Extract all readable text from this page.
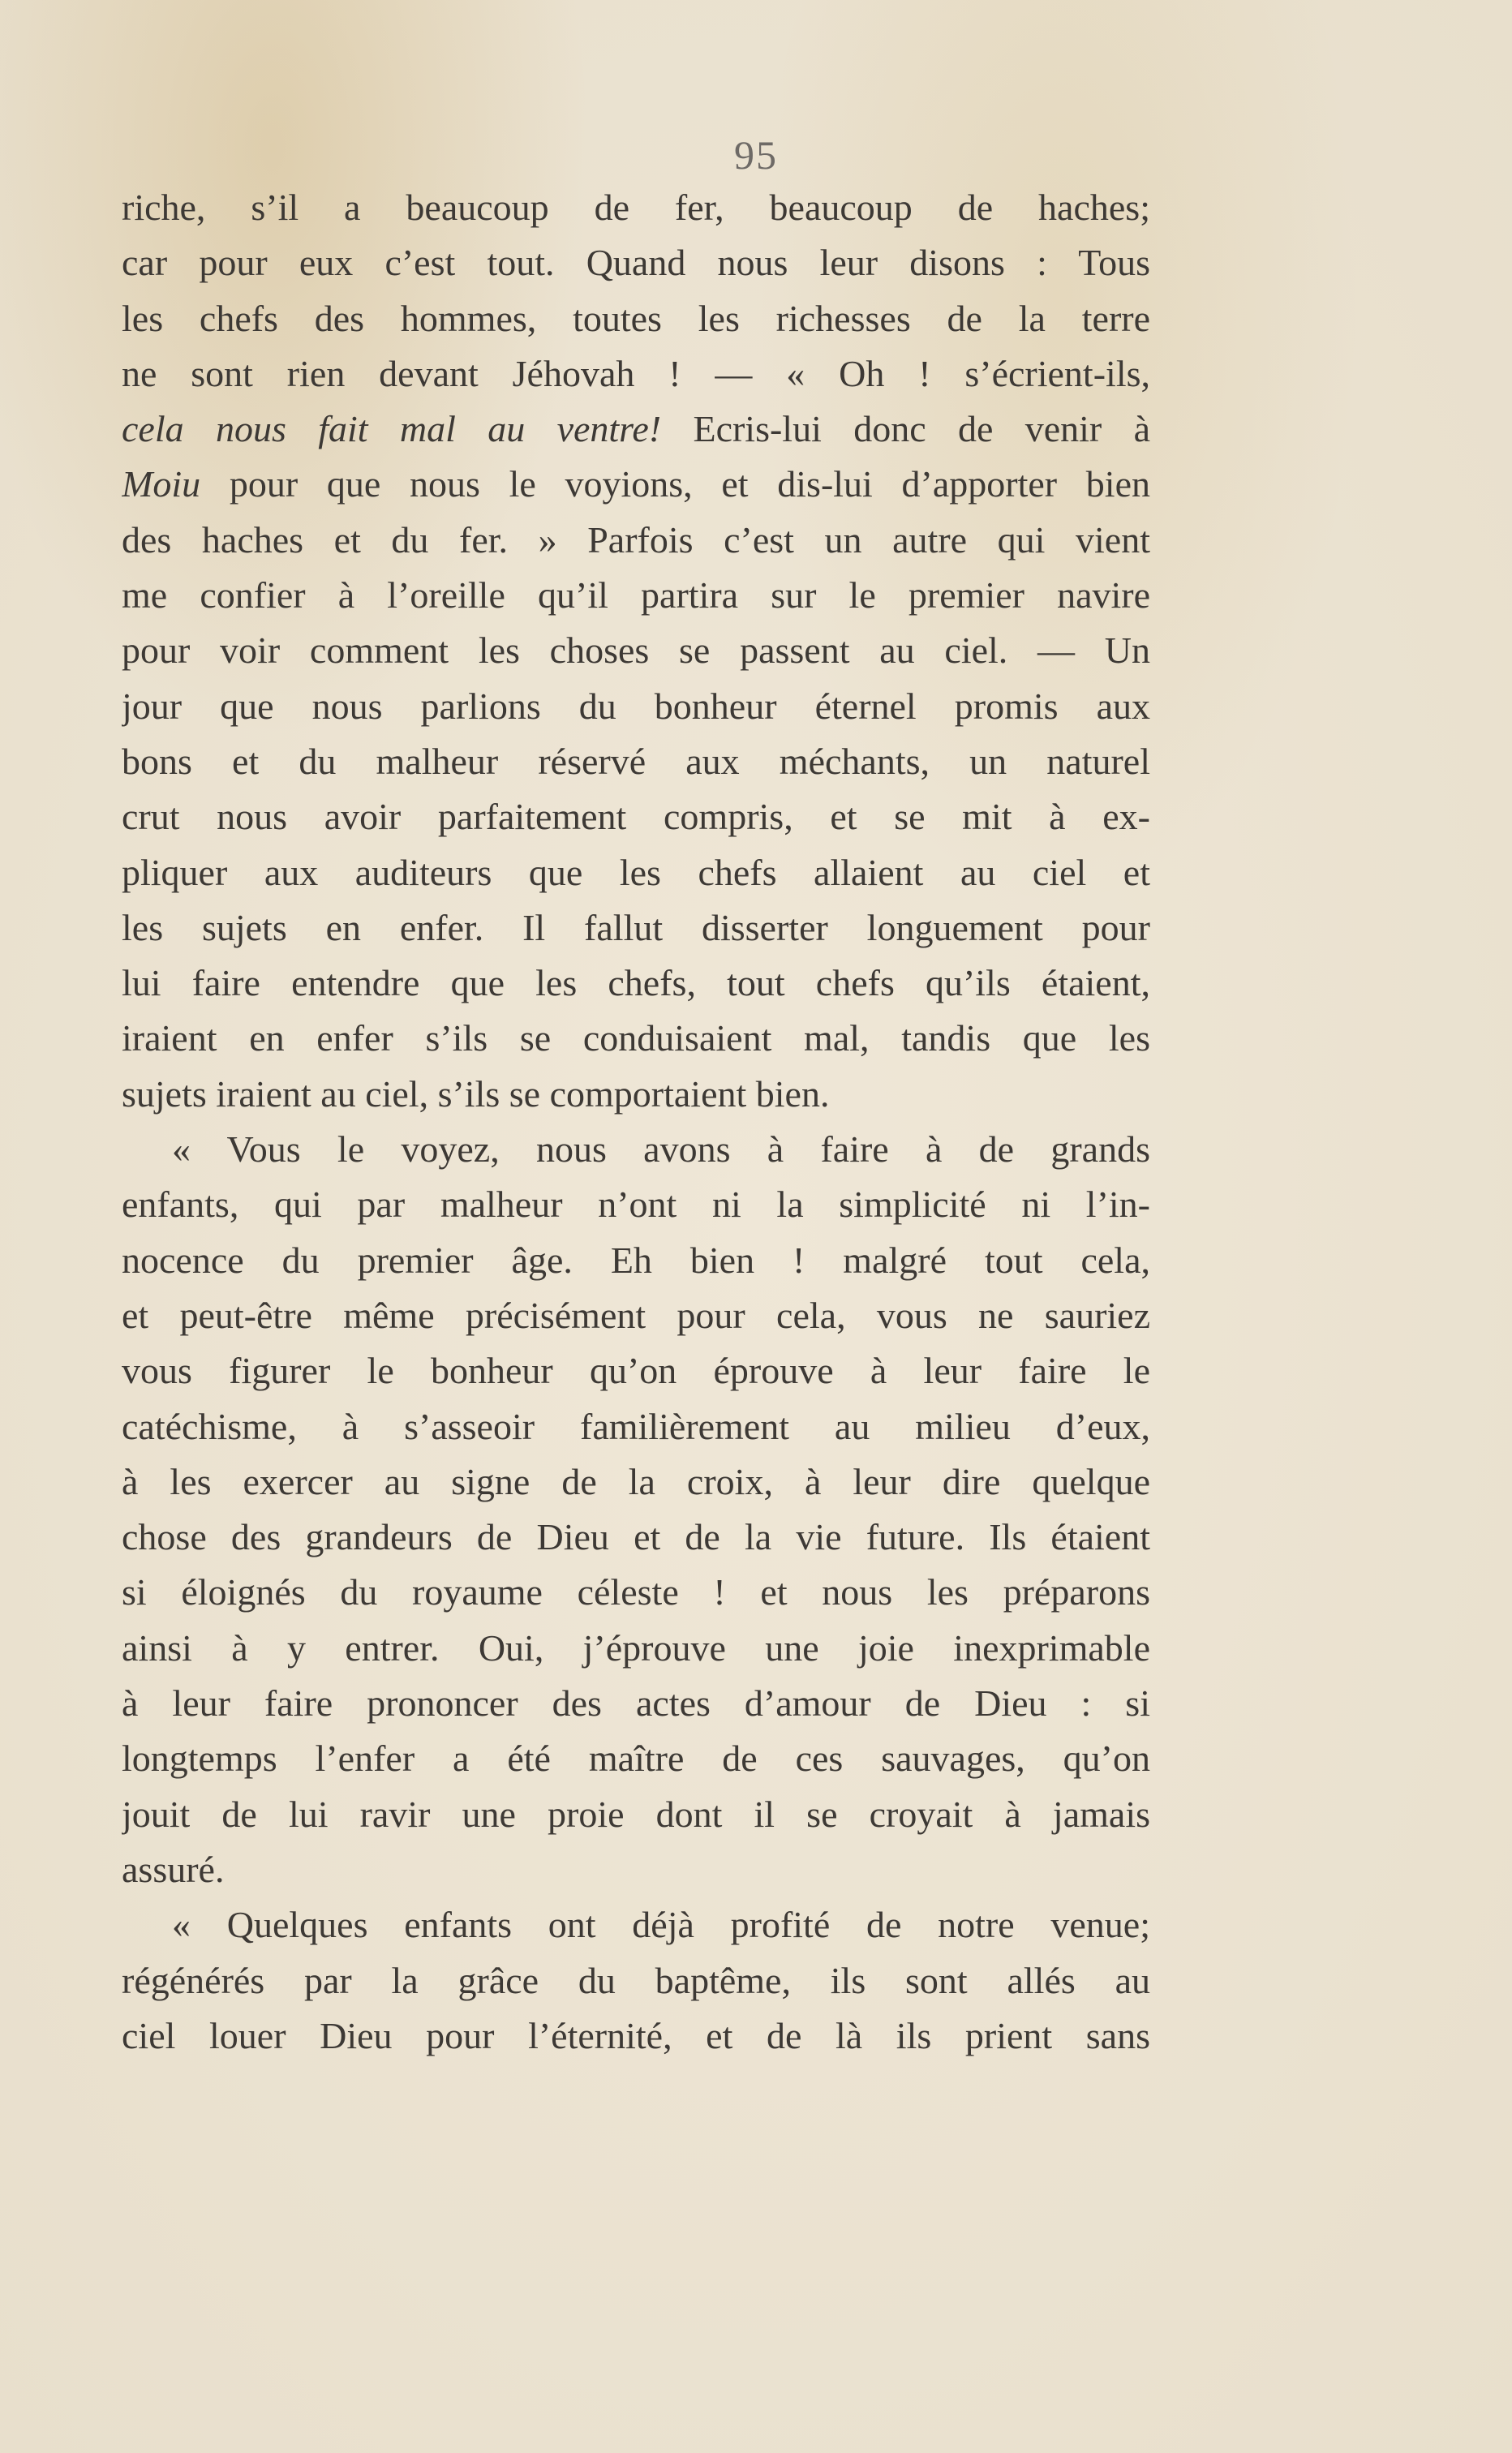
95
riche, s’il a beaucoup de fer, beaucoup de haches;
car pour eux c’est tout. Quand nous leur disons : Tous
les chefs des hommes, toutes les richesses de la terre
ne sont rien devant Jéhovah ! — « Oh ! s’écrient-ils,
cela nous fait mal au ventre! Ecris-lui donc de venir à
Moiu pour que nous le voyions, et dis-lui d’apporter bien
des haches et du fer. » Parfois c’est un autre qui vient
me confier à l’oreille qu’il partira sur le premier navire
pour voir comment les choses se passent au ciel. — Un
jour que nous parlions du bonheur éternel promis aux
bons et du malheur réservé aux méchants, un naturel
crut nous avoir parfaitement compris, et se mit à ex-
pliquer aux auditeurs que les chefs allaient au ciel et
les sujets en enfer. Il fallut disserter longuement pour
lui faire entendre que les chefs, tout chefs qu’ils étaient,
iraient en enfer s’ils se conduisaient mal, tandis que les
sujets iraient au ciel, s’ils se comportaient bien.
« Vous le voyez, nous avons à faire à de grands
enfants, qui par malheur n’ont ni la simplicité ni l’in-
nocence du premier âge. Eh bien ! malgré tout cela,
et peut-être même précisément pour cela, vous ne sauriez
vous figurer le bonheur qu’on éprouve à leur faire le
catéchisme, à s’asseoir familièrement au milieu d’eux,
à les exercer au signe de la croix, à leur dire quelque
chose des grandeurs de Dieu et de la vie future. Ils étaient
si éloignés du royaume céleste ! et nous les préparons
ainsi à y entrer. Oui, j’éprouve une joie inexprimable
à leur faire prononcer des actes d’amour de Dieu : si
longtemps l’enfer a été maître de ces sauvages, qu’on
jouit de lui ravir une proie dont il se croyait à jamais
assuré.
« Quelques enfants ont déjà profité de notre venue;
régénérés par la grâce du baptême, ils sont allés au
ciel louer Dieu pour l’éternité, et de là ils prient sans
